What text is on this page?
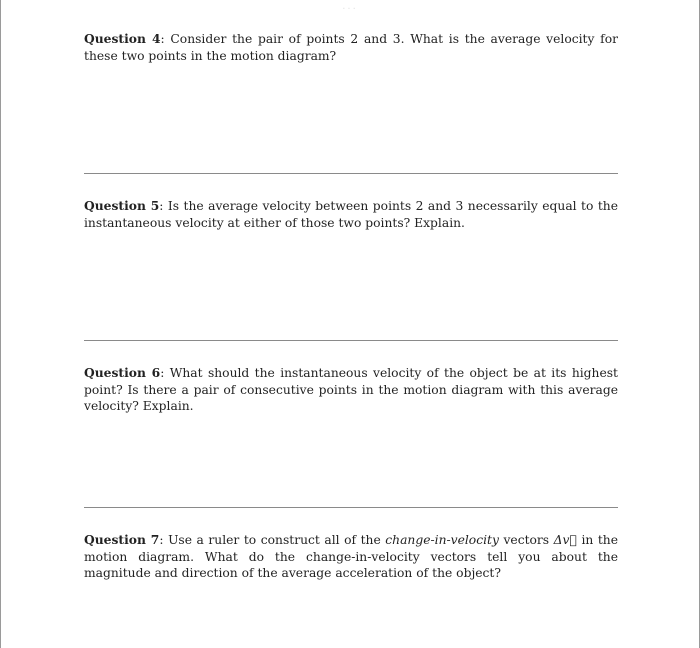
···
Question 4: Consider the pair of points 2 and 3. What is the average velocity for these two points in the motion diagram?
Question 5: Is the average velocity between points 2 and 3 necessarily equal to the instantaneous velocity at either of those two points? Explain.
Question 6: What should the instantaneous velocity of the object be at its highest point? Is there a pair of consecutive points in the motion diagram with this average velocity? Explain.
Question 7: Use a ruler to construct all of the change-in-velocity vectors Δv⃗ in the motion diagram. What do the change-in-velocity vectors tell you about the magnitude and direction of the average acceleration of the object?
